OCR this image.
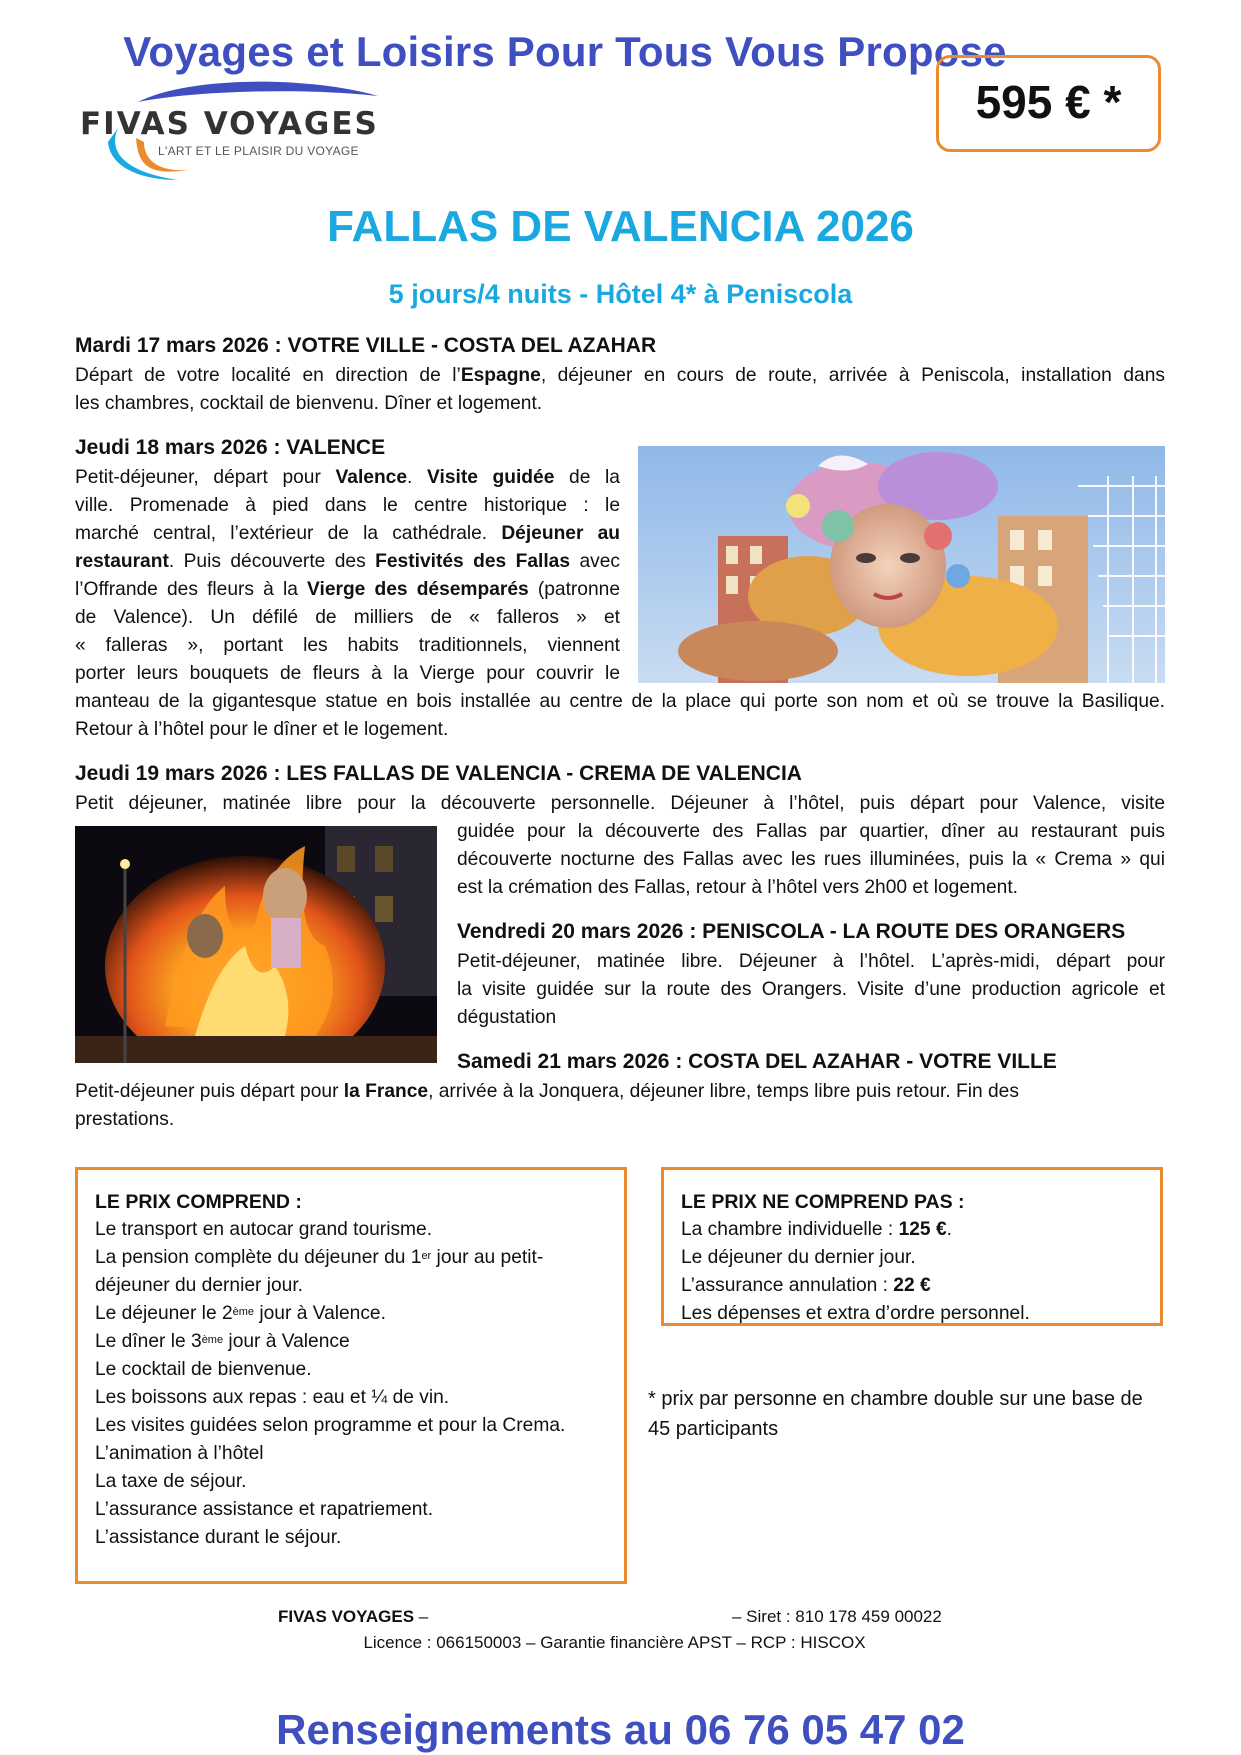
Voyages et Loisirs Pour Tous Vous Propose
FIVAS VOYAGES
L'ART ET LE PLAISIR DU VOYAGE
595 € *
FALLAS DE VALENCIA 2026
5 jours/4 nuits - Hôtel 4* à Peniscola
Mardi 17 mars 2026 : VOTRE VILLE - COSTA DEL AZAHAR
Départ de votre localité en direction de l’Espagne, déjeuner en cours de route, arrivée à Peniscola, installation dans
les chambres, cocktail de bienvenu. Dîner et logement.
Jeudi 18 mars 2026 : VALENCE
Petit-déjeuner, départ pour Valence. Visite guidée de la
ville. Promenade à pied dans le centre historique : le
marché central, l’extérieur de la cathédrale. Déjeuner au
restaurant. Puis découverte des Festivités des Fallas avec
l’Offrande des fleurs à la Vierge des désemparés (patronne
de Valence). Un défilé de milliers de « falleros » et
« falleras », portant les habits traditionnels, viennent
porter leurs bouquets de fleurs à la Vierge pour couvrir le
manteau de la gigantesque statue en bois installée au centre de la place qui porte son nom et où se trouve la Basilique.
Retour à l’hôtel pour le dîner et le logement.
Jeudi 19 mars 2026 : LES FALLAS DE VALENCIA - CREMA DE VALENCIA
Petit déjeuner, matinée libre pour la découverte personnelle. Déjeuner à l’hôtel, puis départ pour Valence, visite
guidée pour la découverte des Fallas par quartier, dîner au restaurant puis
découverte nocturne des Fallas avec les rues illuminées, puis la « Crema » qui
est la crémation des Fallas, retour à l’hôtel vers 2h00 et logement.
Vendredi 20 mars 2026 : PENISCOLA - LA ROUTE DES ORANGERS
Petit-déjeuner, matinée libre. Déjeuner à l’hôtel. L’après-midi, départ pour
la visite guidée sur la route des Orangers. Visite d’une production agricole et
dégustation
Samedi 21 mars 2026 : COSTA DEL AZAHAR - VOTRE VILLE
Petit-déjeuner puis départ pour la France, arrivée à la Jonquera, déjeuner libre, temps libre puis retour. Fin des
prestations.
LE PRIX COMPREND :
Le transport en autocar grand tourisme.
La pension complète du déjeuner du 1er jour au petit-
déjeuner du dernier jour.
Le déjeuner le 2ème jour à Valence.
Le dîner le 3ème jour à Valence
Le cocktail de bienvenue.
Les boissons aux repas : eau et ¼ de vin.
Les visites guidées selon programme et pour la Crema.
L’animation à l’hôtel
La taxe de séjour.
L’assurance assistance et rapatriement.
L’assistance durant le séjour.
LE PRIX NE COMPREND PAS :
La chambre individuelle : 125 €.
Le déjeuner du dernier jour.
L’assurance annulation : 22 €
Les dépenses et extra d’ordre personnel.
* prix par personne en chambre double sur une base de 45 participants
FIVAS VOYAGES –	– Siret : 810 178 459 00022
Licence : 066150003 – Garantie financière APST – RCP : HISCOX
Renseignements au 06 76 05 47 02
